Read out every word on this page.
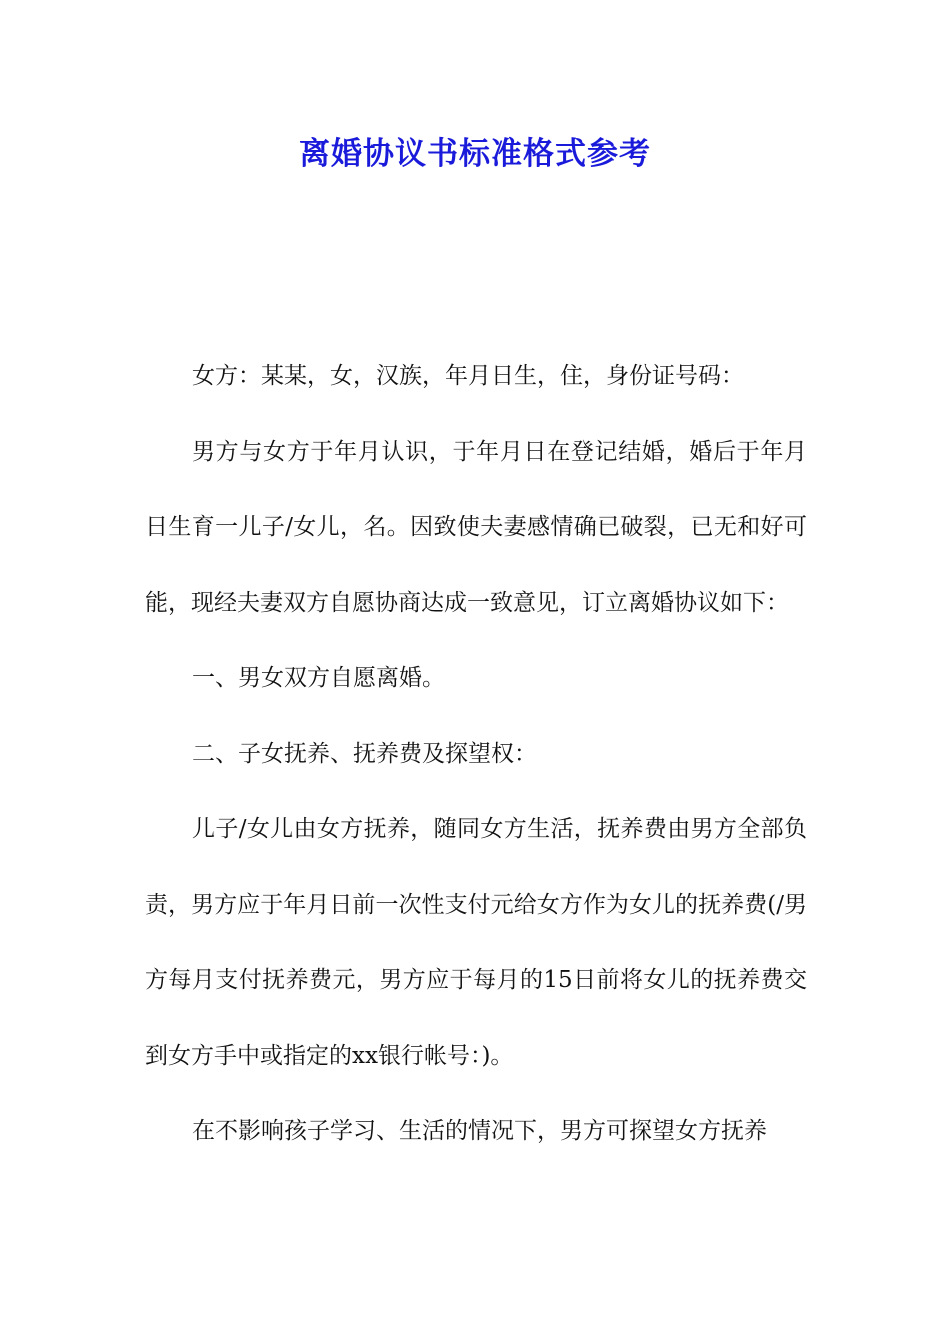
离婚协议书标准格式参考

女方：某某，女，汉族，年月日生，住，身份证号码：

男方与女方于年月认识，于年月日在登记结婚，婚后于年月日生育一儿子/女儿，名。因致使夫妻感情确已破裂，已无和好可能，现经夫妻双方自愿协商达成一致意见，订立离婚协议如下：

一、男女双方自愿离婚。

二、子女抚养、抚养费及探望权：

儿子/女儿由女方抚养，随同女方生活，抚养费由男方全部负责，男方应于年月日前一次性支付元给女方作为女儿的抚养费(/男方每月支付抚养费元，男方应于每月的15日前将女儿的抚养费交到女方手中或指定的xx银行帐号：)。

在不影响孩子学习、生活的情况下，男方可探望女方抚养
